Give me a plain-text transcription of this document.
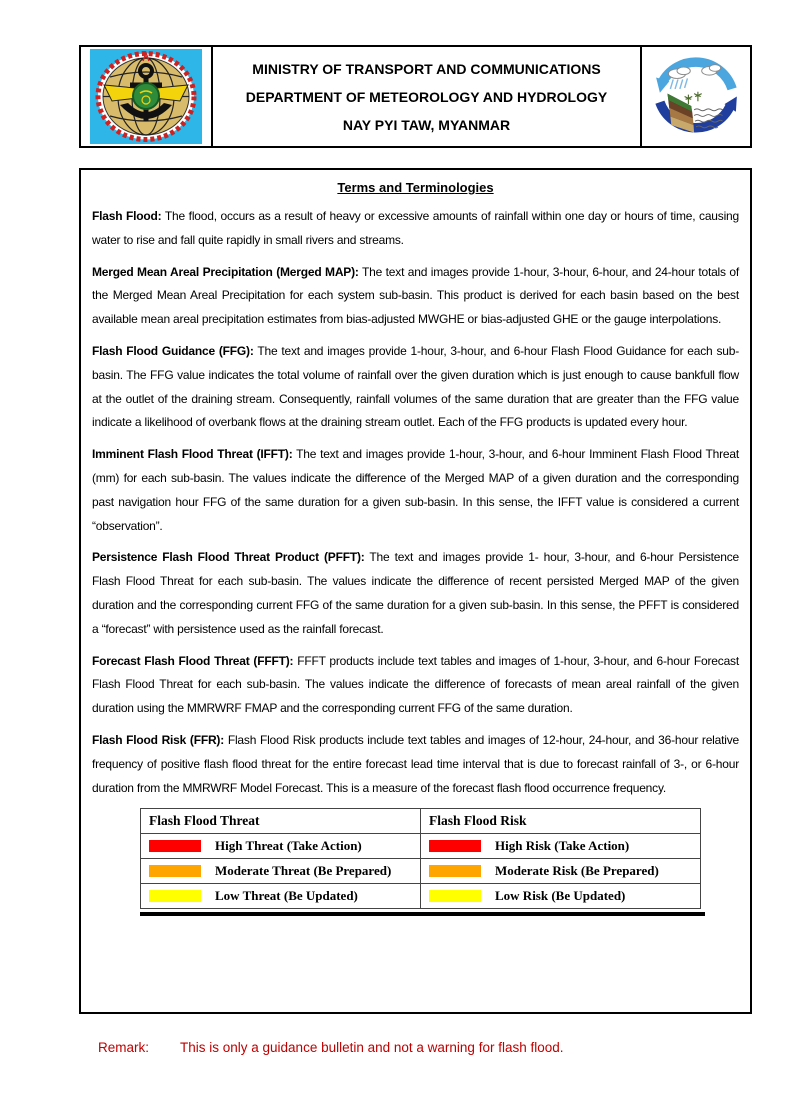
MINISTRY OF TRANSPORT AND COMMUNICATIONS
DEPARTMENT OF METEOROLOGY AND HYDROLOGY
NAY PYI TAW, MYANMAR
Terms and Terminologies

Flash Flood: The flood, occurs as a result of heavy or excessive amounts of rainfall within one day or hours of time, causing water to rise and fall quite rapidly in small rivers and streams.

Merged Mean Areal Precipitation (Merged MAP): The text and images provide 1-hour, 3-hour, 6-hour, and 24-hour totals of the Merged Mean Areal Precipitation for each system sub-basin. This product is derived for each basin based on the best available mean areal precipitation estimates from bias-adjusted MWGHE or bias-adjusted GHE or the gauge interpolations.

Flash Flood Guidance (FFG): The text and images provide 1-hour, 3-hour, and 6-hour Flash Flood Guidance for each sub-basin. The FFG value indicates the total volume of rainfall over the given duration which is just enough to cause bankfull flow at the outlet of the draining stream. Consequently, rainfall volumes of the same duration that are greater than the FFG value indicate a likelihood of overbank flows at the draining stream outlet. Each of the FFG products is updated every hour.

Imminent Flash Flood Threat (IFFT): The text and images provide 1-hour, 3-hour, and 6-hour Imminent Flash Flood Threat (mm) for each sub-basin. The values indicate the difference of the Merged MAP of a given duration and the corresponding past navigation hour FFG of the same duration for a given sub-basin. In this sense, the IFFT value is considered a current “observation”.

Persistence Flash Flood Threat Product (PFFT): The text and images provide 1- hour, 3-hour, and 6-hour Persistence Flash Flood Threat for each sub-basin. The values indicate the difference of recent persisted Merged MAP of the given duration and the corresponding current FFG of the same duration for a given sub-basin. In this sense, the PFFT is considered a “forecast” with persistence used as the rainfall forecast.

Forecast Flash Flood Threat (FFFT): FFFT products include text tables and images of 1-hour, 3-hour, and 6-hour Forecast Flash Flood Threat for each sub-basin. The values indicate the difference of forecasts of mean areal rainfall of the given duration using the MMRWRF FMAP and the corresponding current FFG of the same duration.

Flash Flood Risk (FFR): Flash Flood Risk products include text tables and images of 12-hour, 24-hour, and 36-hour relative frequency of positive flash flood threat for the entire forecast lead time interval that is due to forecast rainfall of 3-, or 6-hour duration from the MMRWRF Model Forecast. This is a measure of the forecast flash flood occurrence frequency.

Flash Flood Threat	Flash Flood Risk

High Threat (Take Action)	High Risk (Take Action)

Moderate Threat (Be Prepared)	Moderate Risk (Be Prepared)

Low Threat (Be Updated)	Low Risk (Be Updated)
Remark: This is only a guidance bulletin and not a warning for flash flood.
